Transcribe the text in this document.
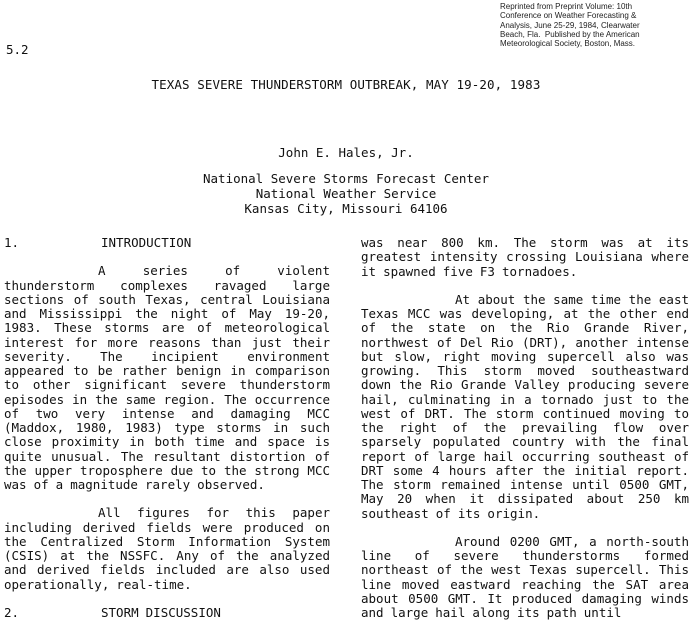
Reprinted from Preprint Volume: 10th
Conference on Weather Forecasting &
Analysis, June 25-29, 1984, Clearwater
Beach, Fla.  Published by the American
Meteorological Society, Boston, Mass.
5.2
TEXAS SEVERE THUNDERSTORM OUTBREAK, MAY 19-20, 1983
John E. Hales, Jr.
National Severe Storms Forecast Center
National Weather Service
Kansas City, Missouri 64106
1.	INTRODUCTION

A series of violent thunderstorm complexes ravaged large sections of south Texas, central Louisiana and Mississippi the night of May 19-20, 1983. These storms are of meteorological interest for more reasons than just their severity. The incipient environment appeared to be rather benign in comparison to other significant severe thunderstorm episodes in the same region. The occurrence of two very intense and damaging MCC (Maddox, 1980, 1983) type storms in such close proximity in both time and space is quite unusual. The resultant distortion of the upper troposphere due to the strong MCC was of a magnitude rarely observed.

All figures for this paper including derived fields were produced on the Centralized Storm Information System (CSIS) at the NSSFC. Any of the analyzed and derived fields included are also used operationally, real-time.

2.	STORM DISCUSSION

was near 800 km. The storm was at its greatest intensity crossing Louisiana where it spawned five F3 tornadoes.

At about the same time the east Texas MCC was developing, at the other end of the state on the Rio Grande River, northwest of Del Rio (DRT), another intense but slow, right moving supercell also was growing. This storm moved southeastward down the Rio Grande Valley producing severe hail, culminating in a tornado just to the west of DRT. The storm continued moving to the right of the prevailing flow over sparsely populated country with the final report of large hail occurring southeast of DRT some 4 hours after the initial report. The storm remained intense until 0500 GMT, May 20 when it dissipated about 250 km southeast of its origin.

Around 0200 GMT, a north-south line of severe thunderstorms formed northeast of the west Texas supercell. This line moved eastward reaching the SAT area about 0500 GMT. It produced damaging winds and large hail along its path until
